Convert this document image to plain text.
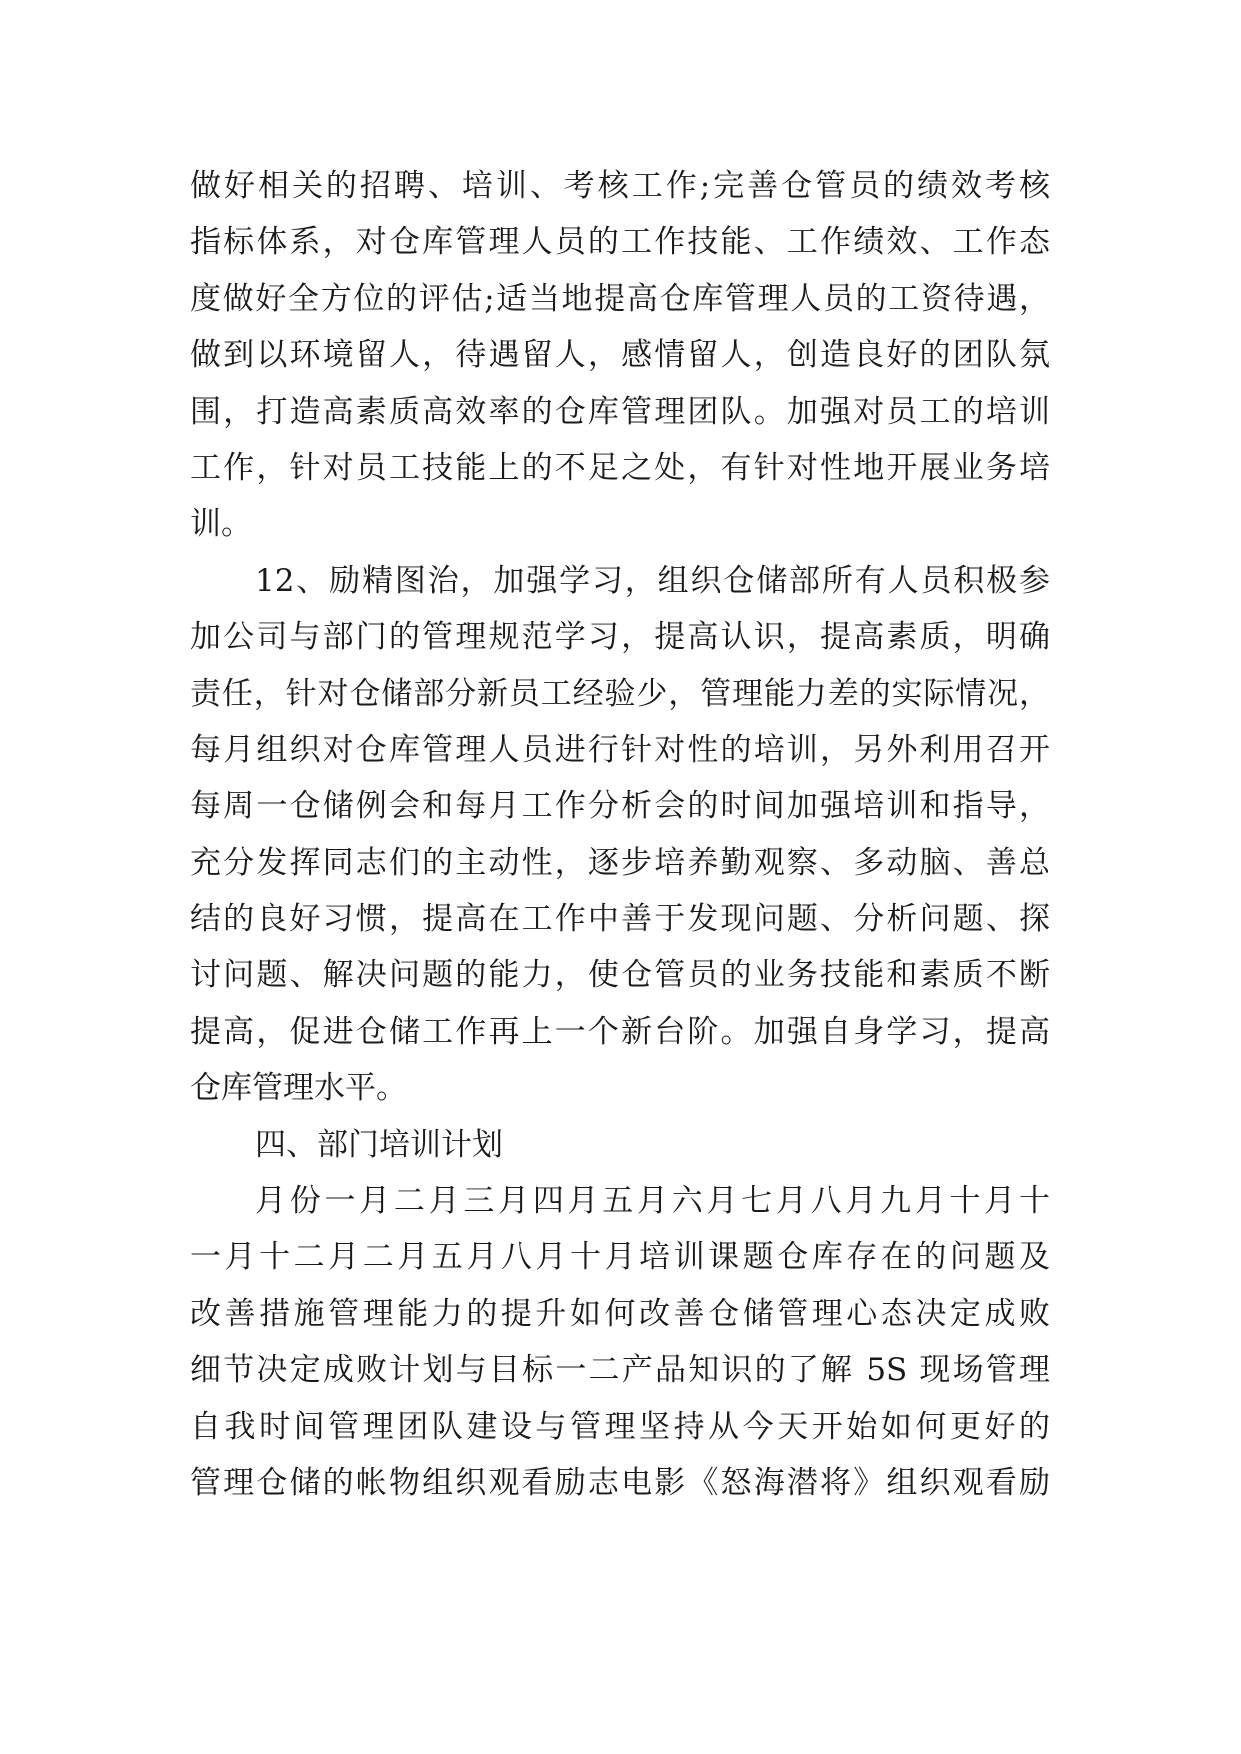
做好相关的招聘、培训、考核工作;完善仓管员的绩效考核
指标体系，对仓库管理人员的工作技能、工作绩效、工作态
度做好全方位的评估;适当地提高仓库管理人员的工资待遇，
做到以环境留人，待遇留人，感情留人，创造良好的团队氛
围，打造高素质高效率的仓库管理团队。加强对员工的培训
工作，针对员工技能上的不足之处，有针对性地开展业务培
训。
12、励精图治，加强学习，组织仓储部所有人员积极参
加公司与部门的管理规范学习，提高认识，提高素质，明确
责任，针对仓储部分新员工经验少，管理能力差的实际情况，
每月组织对仓库管理人员进行针对性的培训，另外利用召开
每周一仓储例会和每月工作分析会的时间加强培训和指导，
充分发挥同志们的主动性，逐步培养勤观察、多动脑、善总
结的良好习惯，提高在工作中善于发现问题、分析问题、探
讨问题、解决问题的能力，使仓管员的业务技能和素质不断
提高，促进仓储工作再上一个新台阶。加强自身学习，提高
仓库管理水平。
四、部门培训计划
月份一月二月三月四月五月六月七月八月九月十月十
一月十二月二月五月八月十月培训课题仓库存在的问题及
改善措施管理能力的提升如何改善仓储管理心态决定成败
细节决定成败计划与目标一二产品知识的了解 5S 现场管理
自我时间管理团队建设与管理坚持从今天开始如何更好的
管理仓储的帐物组织观看励志电影《怒海潜将》组织观看励
